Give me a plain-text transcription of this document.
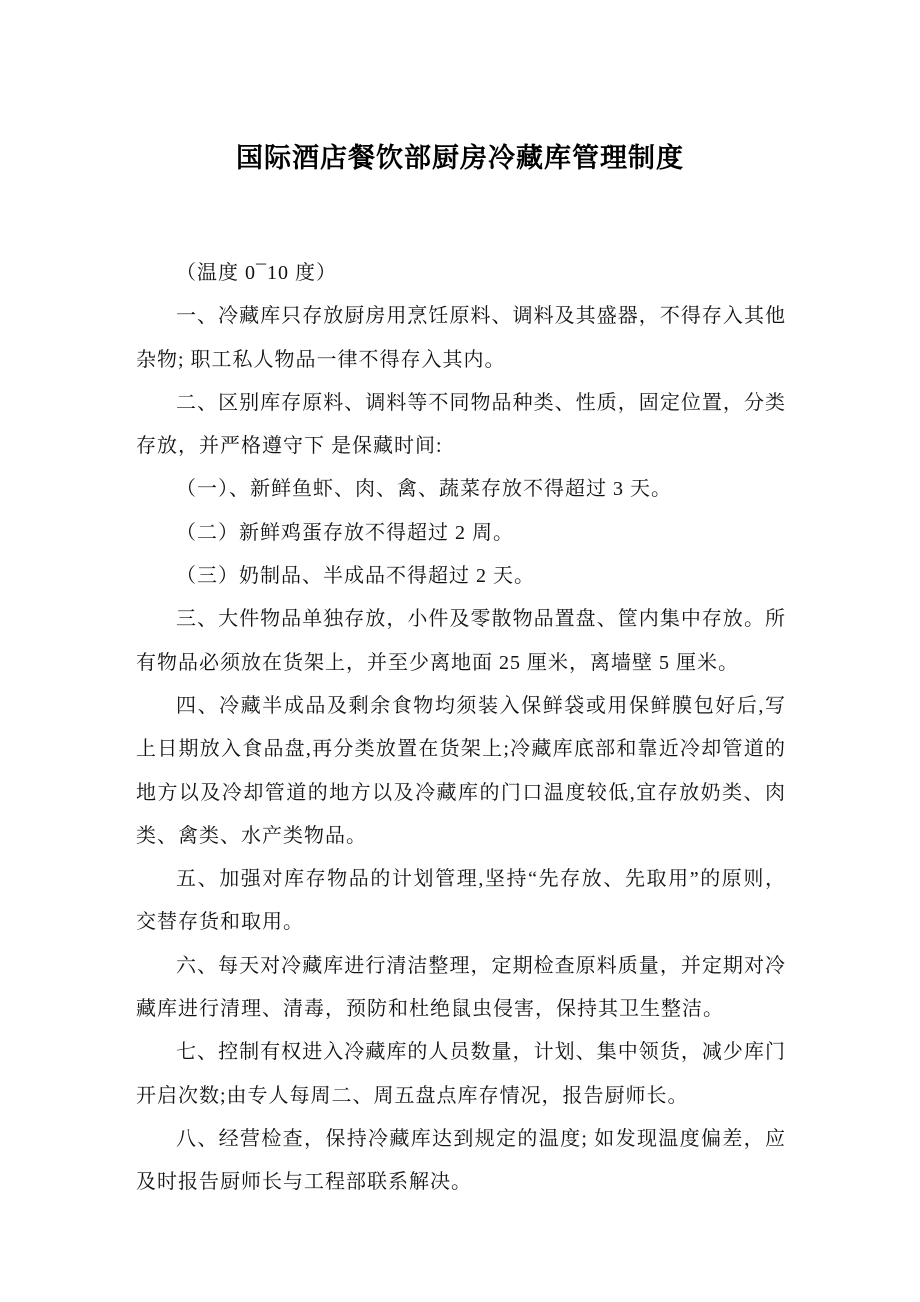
国际酒店餐饮部厨房冷藏库管理制度

（温度 0¯10 度）

一、冷藏库只存放厨房用烹饪原料、调料及其盛器，不得存入其他杂物; 职工私人物品一律不得存入其内。

二、区别库存原料、调料等不同物品种类、性质，固定位置，分类存放，并严格遵守下 是保藏时间:

（一）、新鲜鱼虾、肉、禽、蔬菜存放不得超过 3 天。

（二）新鲜鸡蛋存放不得超过 2 周。

（三）奶制品、半成品不得超过 2 天。

三、大件物品单独存放，小件及零散物品置盘、筐内集中存放。所有物品必须放在货架上，并至少离地面 25 厘米，离墙壁 5 厘米。

四、冷藏半成品及剩余食物均须装入保鲜袋或用保鲜膜包好后,写上日期放入食品盘,再分类放置在货架上;冷藏库底部和靠近冷却管道的地方以及冷却管道的地方以及冷藏库的门口温度较低,宜存放奶类、肉类、禽类、水产类物品。

五、加强对库存物品的计划管理,坚持“先存放、先取用”的原则，交替存货和取用。

六、每天对冷藏库进行清洁整理，定期检查原料质量，并定期对冷藏库进行清理、清毒，预防和杜绝鼠虫侵害，保持其卫生整洁。

七、控制有权进入冷藏库的人员数量，计划、集中领货，减少库门开启次数;由专人每周二、周五盘点库存情况，报告厨师长。

八、经营检查，保持冷藏库达到规定的温度; 如发现温度偏差，应及时报告厨师长与工程部联系解决。
